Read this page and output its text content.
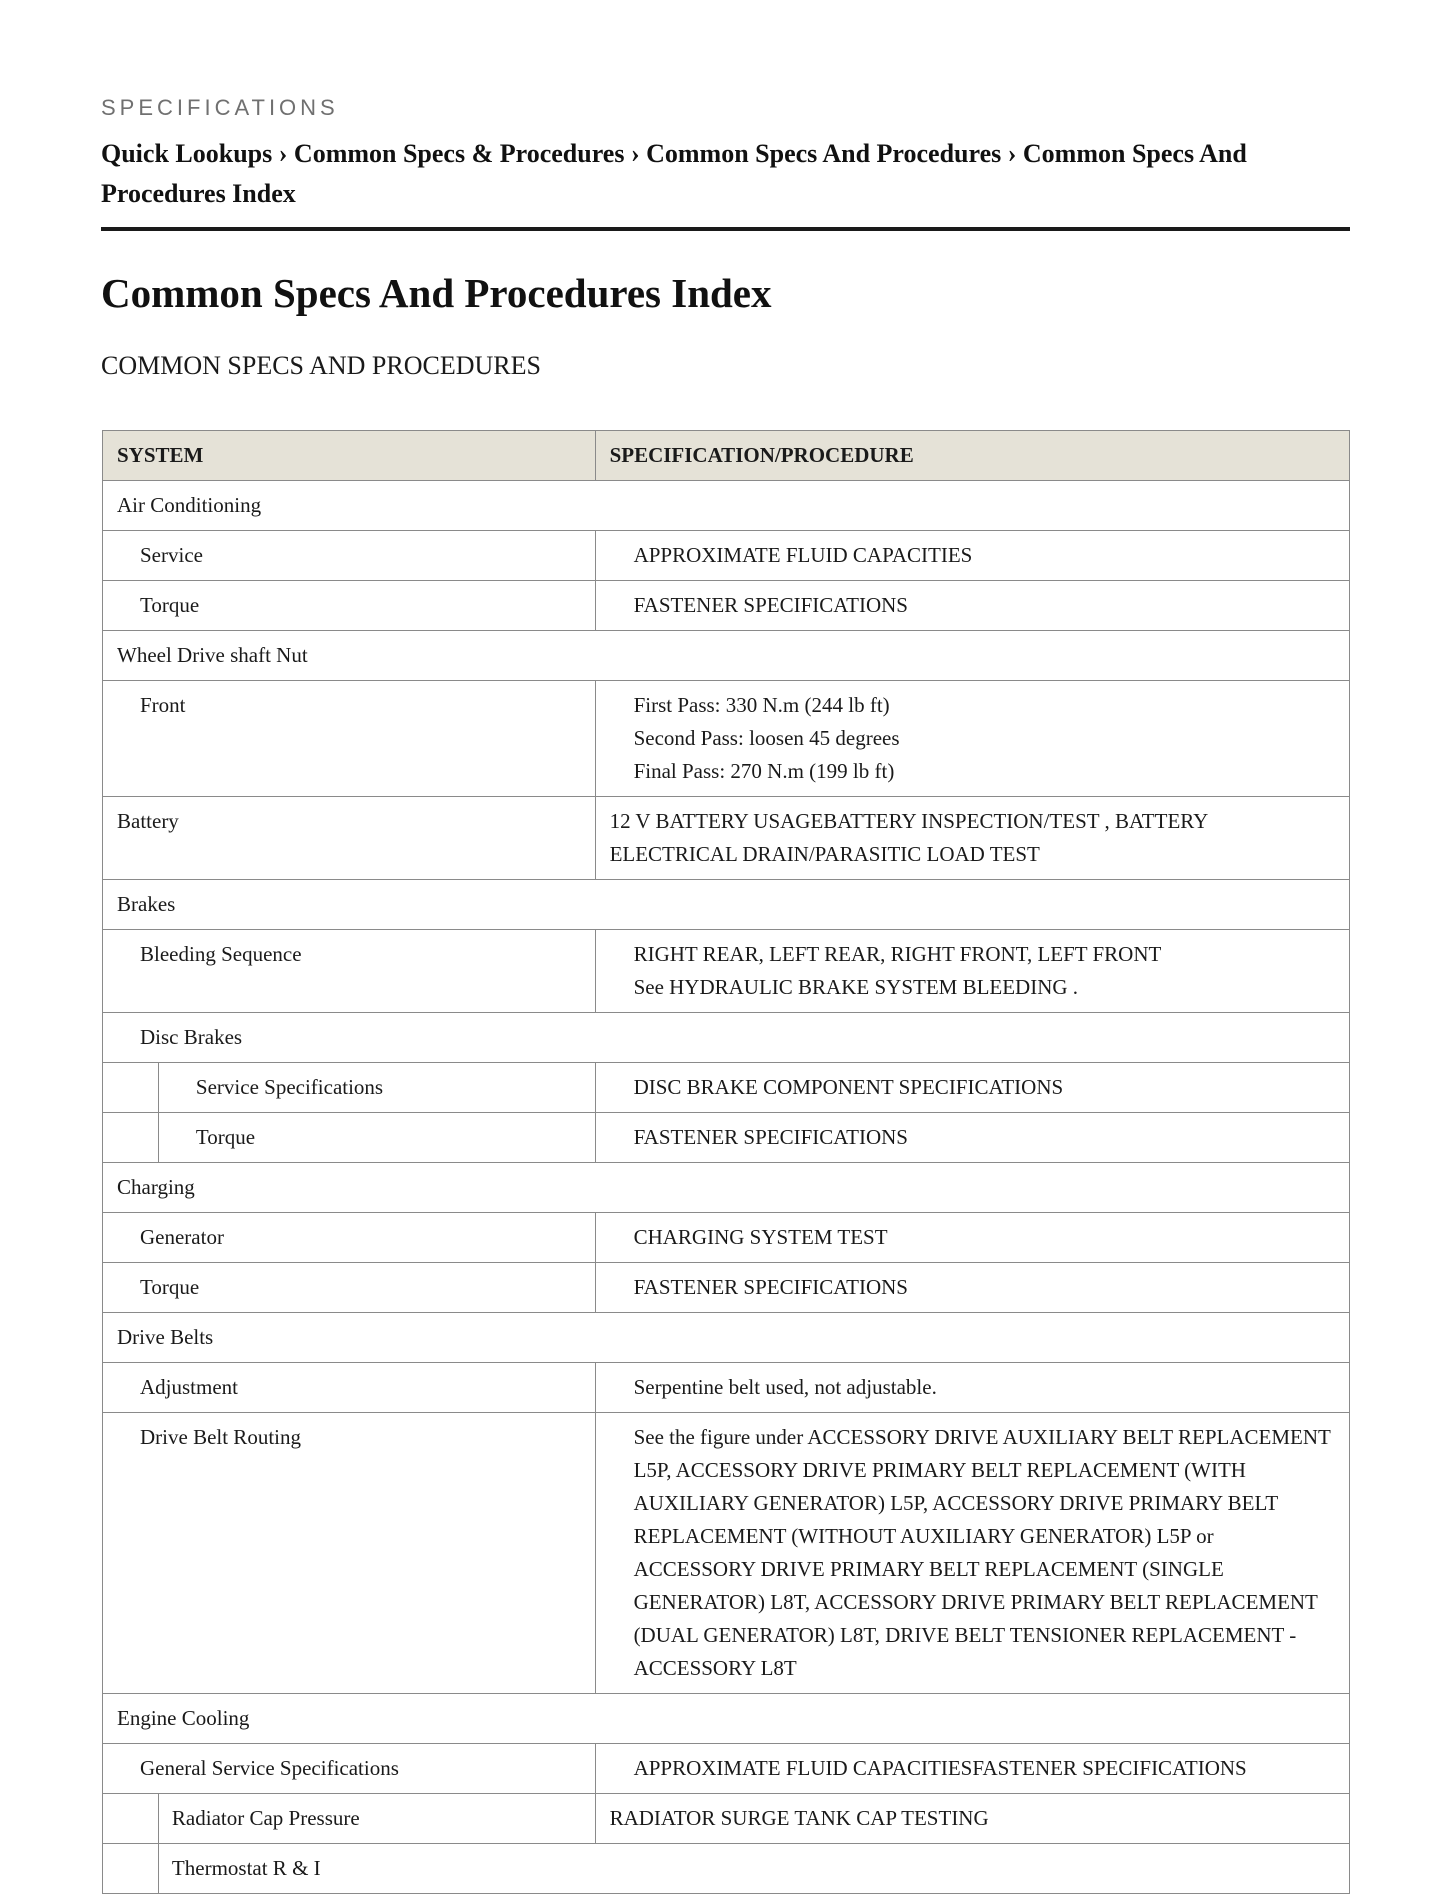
SPECIFICATIONS
Quick Lookups › Common Specs & Procedures › Common Specs And Procedures › Common Specs And Procedures Index
Common Specs And Procedures Index
COMMON SPECS AND PROCEDURES
SYSTEM		SPECIFICATION/PROCEDURE
Air Conditioning		
Service		APPROXIMATE FLUID CAPACITIES

Torque		FASTENER SPECIFICATIONS

Wheel Drive shaft Nut		
Front		First Pass: 330 N.m (244 lb ft)
Second Pass: loosen 45 degrees
Final Pass: 270 N.m (199 lb ft)

Battery		12 V BATTERY USAGEBATTERY INSPECTION/TEST , BATTERY ELECTRICAL DRAIN/PARASITIC LOAD TEST
Brakes		
Bleeding Sequence		RIGHT REAR, LEFT REAR, RIGHT FRONT, LEFT FRONT
See HYDRAULIC BRAKE SYSTEM BLEEDING .

Disc Brakes		
	Service Specifications	DISC BRAKE COMPONENT SPECIFICATIONS

	Torque	FASTENER SPECIFICATIONS

Charging		
Generator		CHARGING SYSTEM TEST

Torque		FASTENER SPECIFICATIONS

Drive Belts		
Adjustment		Serpentine belt used, not adjustable.

Drive Belt Routing		See the figure under ACCESSORY DRIVE AUXILIARY BELT REPLACEMENT L5P, ACCESSORY DRIVE PRIMARY BELT REPLACEMENT (WITH AUXILIARY GENERATOR) L5P, ACCESSORY DRIVE PRIMARY BELT REPLACEMENT (WITHOUT AUXILIARY GENERATOR) L5P or ACCESSORY DRIVE PRIMARY BELT REPLACEMENT (SINGLE GENERATOR) L8T, ACCESSORY DRIVE PRIMARY BELT REPLACEMENT (DUAL GENERATOR) L8T, DRIVE BELT TENSIONER REPLACEMENT - ACCESSORY L8T
Engine Cooling		
General Service Specifications		APPROXIMATE FLUID CAPACITIESFASTENER SPECIFICATIONS

	Radiator Cap Pressure	RADIATOR SURGE TANK CAP TESTING

	Thermostat R & I	
